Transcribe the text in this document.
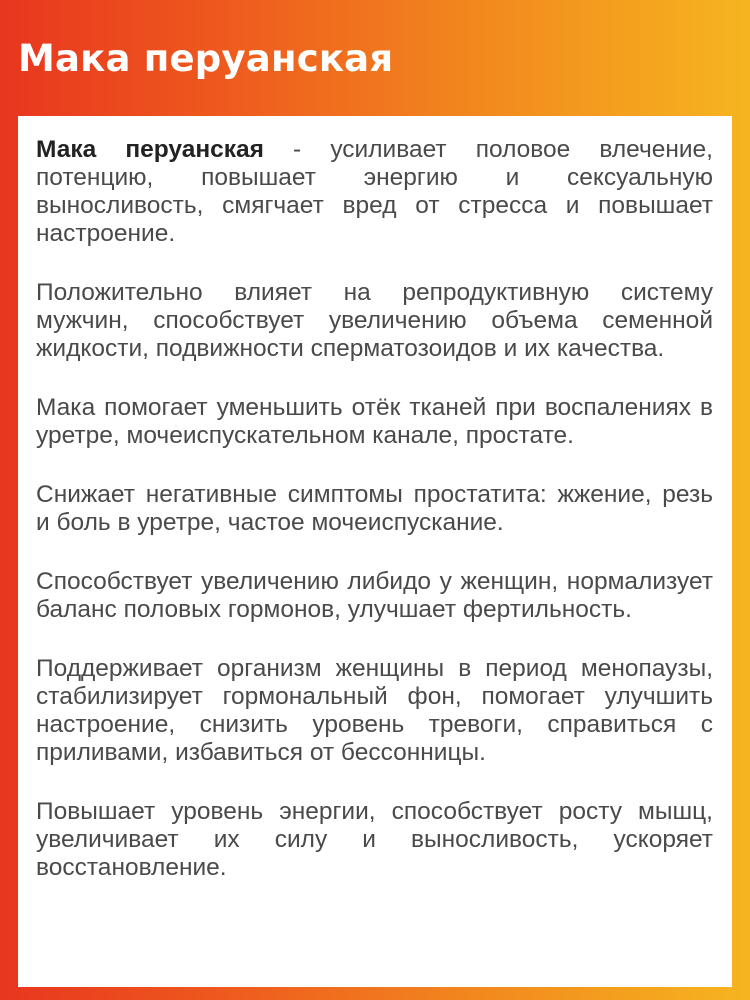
Мака перуанская

Мака перуанская - усиливает половое влечение, потенцию, повышает энергию и сексуальную выносливость, смягчает вред от стресса и повышает настроение.

Положительно влияет на репродуктивную систему мужчин, способствует увеличению объема семенной жидкости, подвижности сперматозоидов и их качества.

Мака помогает уменьшить отёк тканей при воспалениях в уретре, мочеиспускательном канале, простате.

Снижает негативные симптомы простатита: жжение, резь и боль в уретре, частое мочеиспускание.

Способствует увеличению либидо у женщин, нормализует баланс половых гормонов, улучшает фертильность.

Поддерживает организм женщины в период менопаузы, стабилизирует гормональный фон, помогает улучшить настроение, снизить уровень тревоги, справиться с приливами, избавиться от бессонницы.

Повышает уровень энергии, способствует росту мышц, увеличивает их силу и выносливость, ускоряет восстановление.
